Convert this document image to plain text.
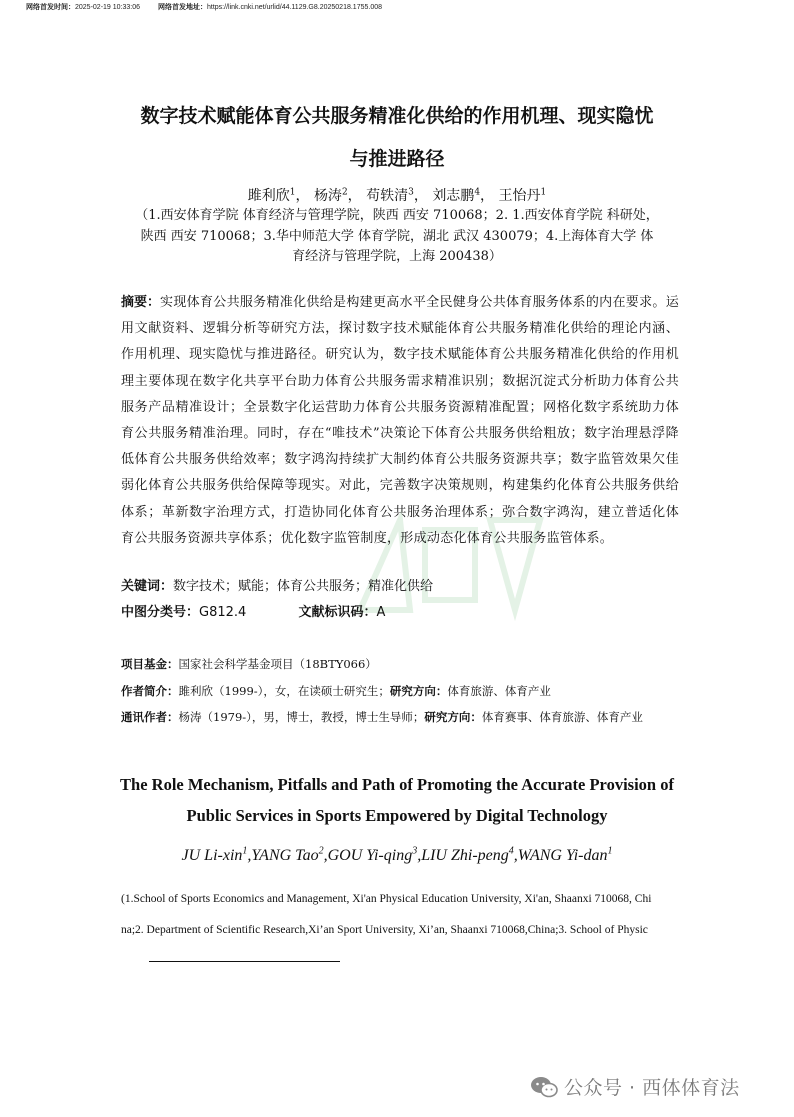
网络首发时间：2025-02-19 10:33:06	网络首发地址：https://link.cnki.net/urlid/44.1129.G8.20250218.1755.008
数字技术赋能体育公共服务精准化供给的作用机理、现实隐忧
与推进路径
雎利欣$^1$， 杨涛$^2$， 苟轶清$^3$， 刘志鹏$^4$， 王怡丹$^1$
（1.西安体育学院 体育经济与管理学院，陕西 西安 710068；2. 1.西安体育学院 科研处，
陕西 西安 710068；3.华中师范大学 体育学院，湖北 武汉 430079；4.上海体育大学 体
育经济与管理学院，上海 200438）
摘要：实现体育公共服务精准化供给是构建更高水平全民健身公共体育服务体系的内在要求。运用文献资料、逻辑分析等研究方法，探讨数字技术赋能体育公共服务精准化供给的理论内涵、作用机理、现实隐忧与推进路径。研究认为，数字技术赋能体育公共服务精准化供给的作用机理主要体现在数字化共享平台助力体育公共服务需求精准识别；数据沉淀式分析助力体育公共服务产品精准设计；全景数字化运营助力体育公共服务资源精准配置；网格化数字系统助力体育公共服务精准治理。同时，存在“唯技术”决策论下体育公共服务供给粗放；数字治理悬浮降低体育公共服务供给效率；数字鸿沟持续扩大制约体育公共服务资源共享；数字监管效果欠佳弱化体育公共服务供给保障等现实。对此，完善数字决策规则，构建集约化体育公共服务供给体系；革新数字治理方式，打造协同化体育公共服务治理体系；弥合数字鸿沟，建立普适化体育公共服务资源共享体系；优化数字监管制度，形成动态化体育公共服务监管体系。
关键词：数字技术；赋能；体育公共服务；精准化供给
中图分类号：G812.4	文献标识码：A
项目基金：国家社会科学基金项目（18BTY066）
作者简介：雎利欣（1999-），女，在读硕士研究生；研究方向：体育旅游、体育产业
通讯作者：杨涛（1979-），男，博士，教授，博士生导师；研究方向：体育赛事、体育旅游、体育产业
The Role Mechanism, Pitfalls and Path of Promoting the Accurate Provision of
Public Services in Sports Empowered by Digital Technology
JU Li-xin$^1$,YANG Tao$^2$,GOU Yi-qing$^3$,LIU Zhi-peng$^4$,WANG Yi-dan$^1$
(1.School of Sports Economics and Management, Xi'an Physical Education University, Xi'an, Shaanxi 710068, Chi
na;2. Department of Scientific Research,Xi’an Sport University, Xi’an, Shaanxi 710068,China;3. School of Physic
公众号 · 西体体育法
